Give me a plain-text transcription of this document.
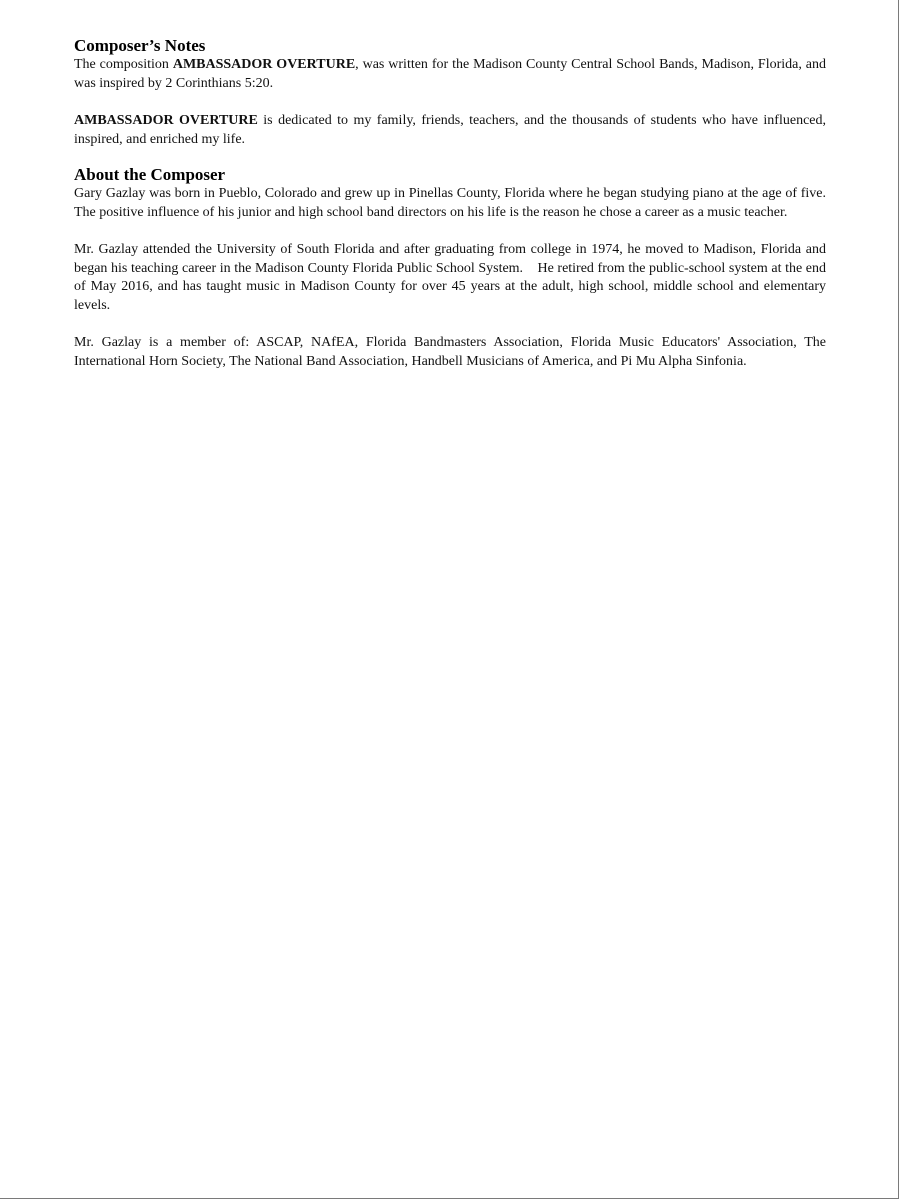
Composer’s Notes

The composition AMBASSADOR OVERTURE, was written for the Madison County Central School Bands, Madison, Florida, and was inspired by 2 Corinthians 5:20.

AMBASSADOR OVERTURE is dedicated to my family, friends, teachers, and the thousands of students who have influenced, inspired, and enriched my life.

About the Composer

Gary Gazlay was born in Pueblo, Colorado and grew up in Pinellas County, Florida where he began studying piano at the age of five. The positive influence of his junior and high school band directors on his life is the reason he chose a career as a music teacher.

Mr. Gazlay attended the University of South Florida and after graduating from college in 1974, he moved to Madison, Florida and began his teaching career in the Madison County Florida Public School System.    He retired from the public-school system at the end of May 2016, and has taught music in Madison County for over 45 years at the adult, high school, middle school and elementary levels.

Mr. Gazlay is a member of: ASCAP, NAfEA, Florida Bandmasters Association, Florida Music Educators' Association, The International Horn Society, The National Band Association, Handbell Musicians of America, and Pi Mu Alpha Sinfonia.
